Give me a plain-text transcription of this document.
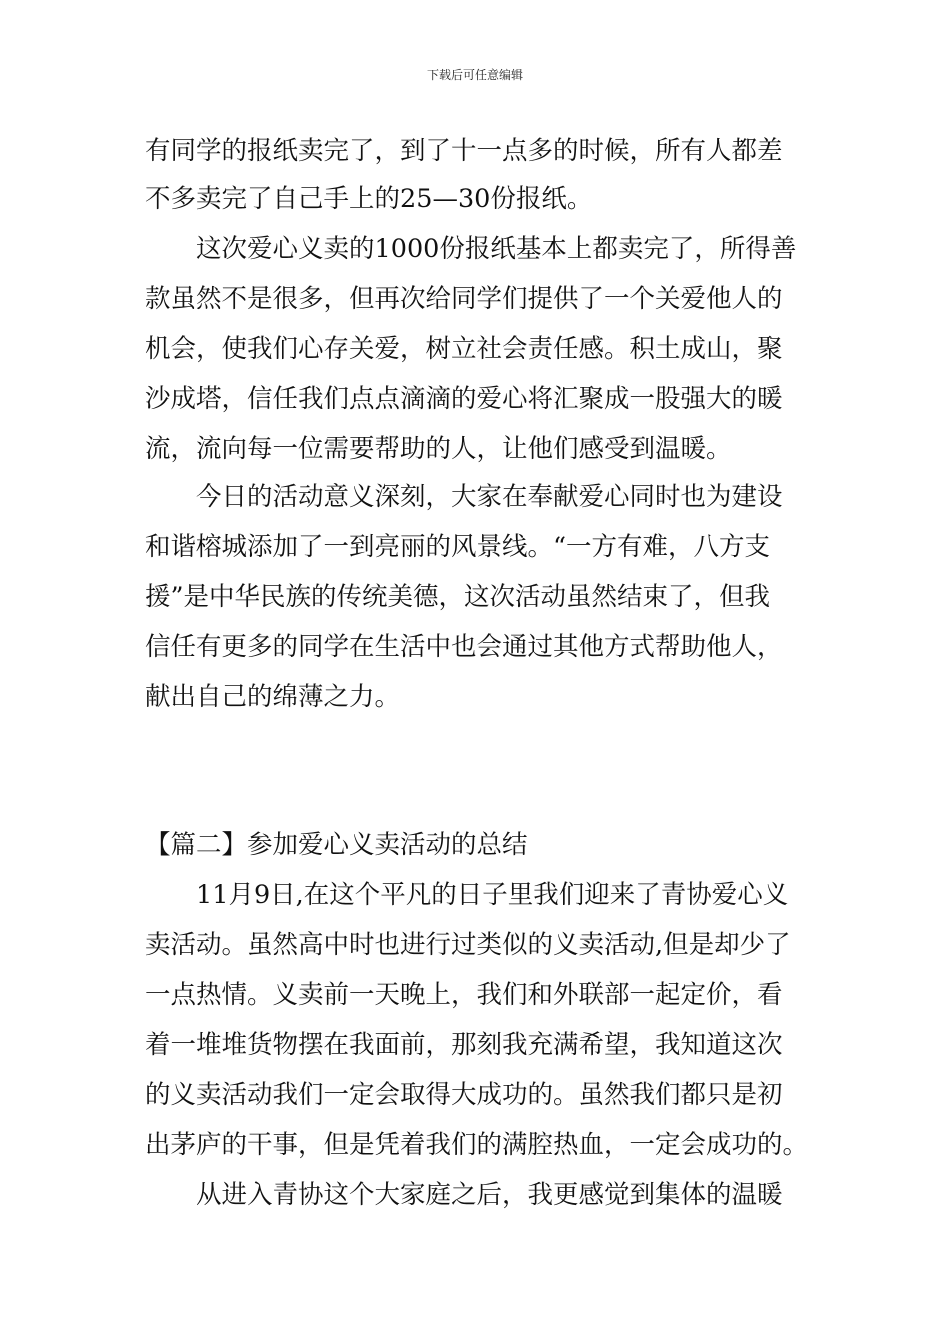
下载后可任意编辑
有同学的报纸卖完了，到了十一点多的时候，所有人都差
不多卖完了自己手上的25—30份报纸。
这次爱心义卖的1000份报纸基本上都卖完了，所得善
款虽然不是很多，但再次给同学们提供了一个关爱他人的
机会，使我们心存关爱，树立社会责任感。积土成山，聚
沙成塔，信任我们点点滴滴的爱心将汇聚成一股强大的暖
流，流向每一位需要帮助的人，让他们感受到温暖。
今日的活动意义深刻，大家在奉献爱心同时也为建设
和谐榕城添加了一到亮丽的风景线。“一方有难，八方支
援”是中华民族的传统美德，这次活动虽然结束了，但我
信任有更多的同学在生活中也会通过其他方式帮助他人，
献出自己的绵薄之力。
【篇二】参加爱心义卖活动的总结
11月9日,在这个平凡的日子里我们迎来了青协爱心义
卖活动。虽然高中时也进行过类似的义卖活动,但是却少了
一点热情。义卖前一天晚上，我们和外联部一起定价，看
着一堆堆货物摆在我面前，那刻我充满希望，我知道这次
的义卖活动我们一定会取得大成功的。虽然我们都只是初
出茅庐的干事，但是凭着我们的满腔热血，一定会成功的。
从进入青协这个大家庭之后，我更感觉到集体的温暖
